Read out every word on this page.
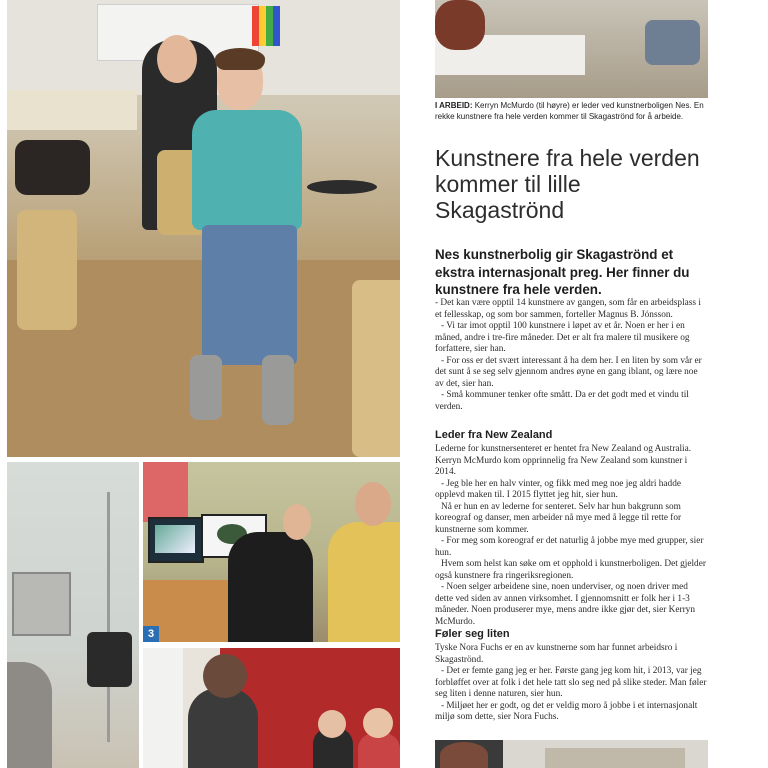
I ARBEID: Kerryn McMurdo (til høyre) er leder ved kunstnerboligen Nes. En rekke kunstnere fra hele verden kommer til Skagaströnd for å arbeide.

Kunstnere fra hele verden kommer til lille Skagaströnd

Nes kunstnerbolig gir Skagaströnd et ekstra internasjonalt preg. Her finner du kunstnere fra hele verden.

- Det kan være opptil 14 kunstnere av gangen, som får en arbeidsplass i et fellesskap, og som bor sammen, forteller Magnus B. Jónsson.

- Vi tar imot opptil 100 kunstnere i løpet av et år. Noen er her i en måned, andre i tre-fire måneder. Det er alt fra malere til musikere og forfattere, sier han.

- For oss er det svært interessant å ha dem her. I en liten by som vår er det sunt å se seg selv gjennom andres øyne en gang iblant, og lære noe av det, sier han.

- Små kommuner tenker ofte smått. Da er det godt med et vindu til verden.

Leder fra New Zealand

Lederne for kunstnersenteret er hentet fra New Zealand og Australia. Kerryn McMurdo kom opprinnelig fra New Zealand som kunstner i 2014.

- Jeg ble her en halv vinter, og fikk med meg noe jeg aldri hadde opplevd maken til. I 2015 flyttet jeg hit, sier hun.

Nå er hun en av lederne for senteret. Selv har hun bakgrunn som koreograf og danser, men arbeider nå mye med å legge til rette for kunstnerne som kommer.

- For meg som koreograf er det naturlig å jobbe mye med grupper, sier hun.

Hvem som helst kan søke om et opphold i kunstnerboligen. Det gjelder også kunstnere fra ringeriksregionen.

- Noen selger arbeidene sine, noen underviser, og noen driver med dette ved siden av annen virksomhet. I gjennomsnitt er folk her i 1-3 måneder. Noen produserer mye, mens andre ikke gjør det, sier Kerryn McMurdo.

Føler seg liten

Tyske Nora Fuchs er en av kunstnerne som har funnet arbeidsro i Skagaströnd.

- Det er femte gang jeg er her. Første gang jeg kom hit, i 2013, var jeg forbløffet over at folk i det hele tatt slo seg ned på slike steder. Man føler seg liten i denne naturen, sier hun.

- Miljøet her er godt, og det er veldig moro å jobbe i et internasjonalt miljø som dette, sier Nora Fuchs.

3
